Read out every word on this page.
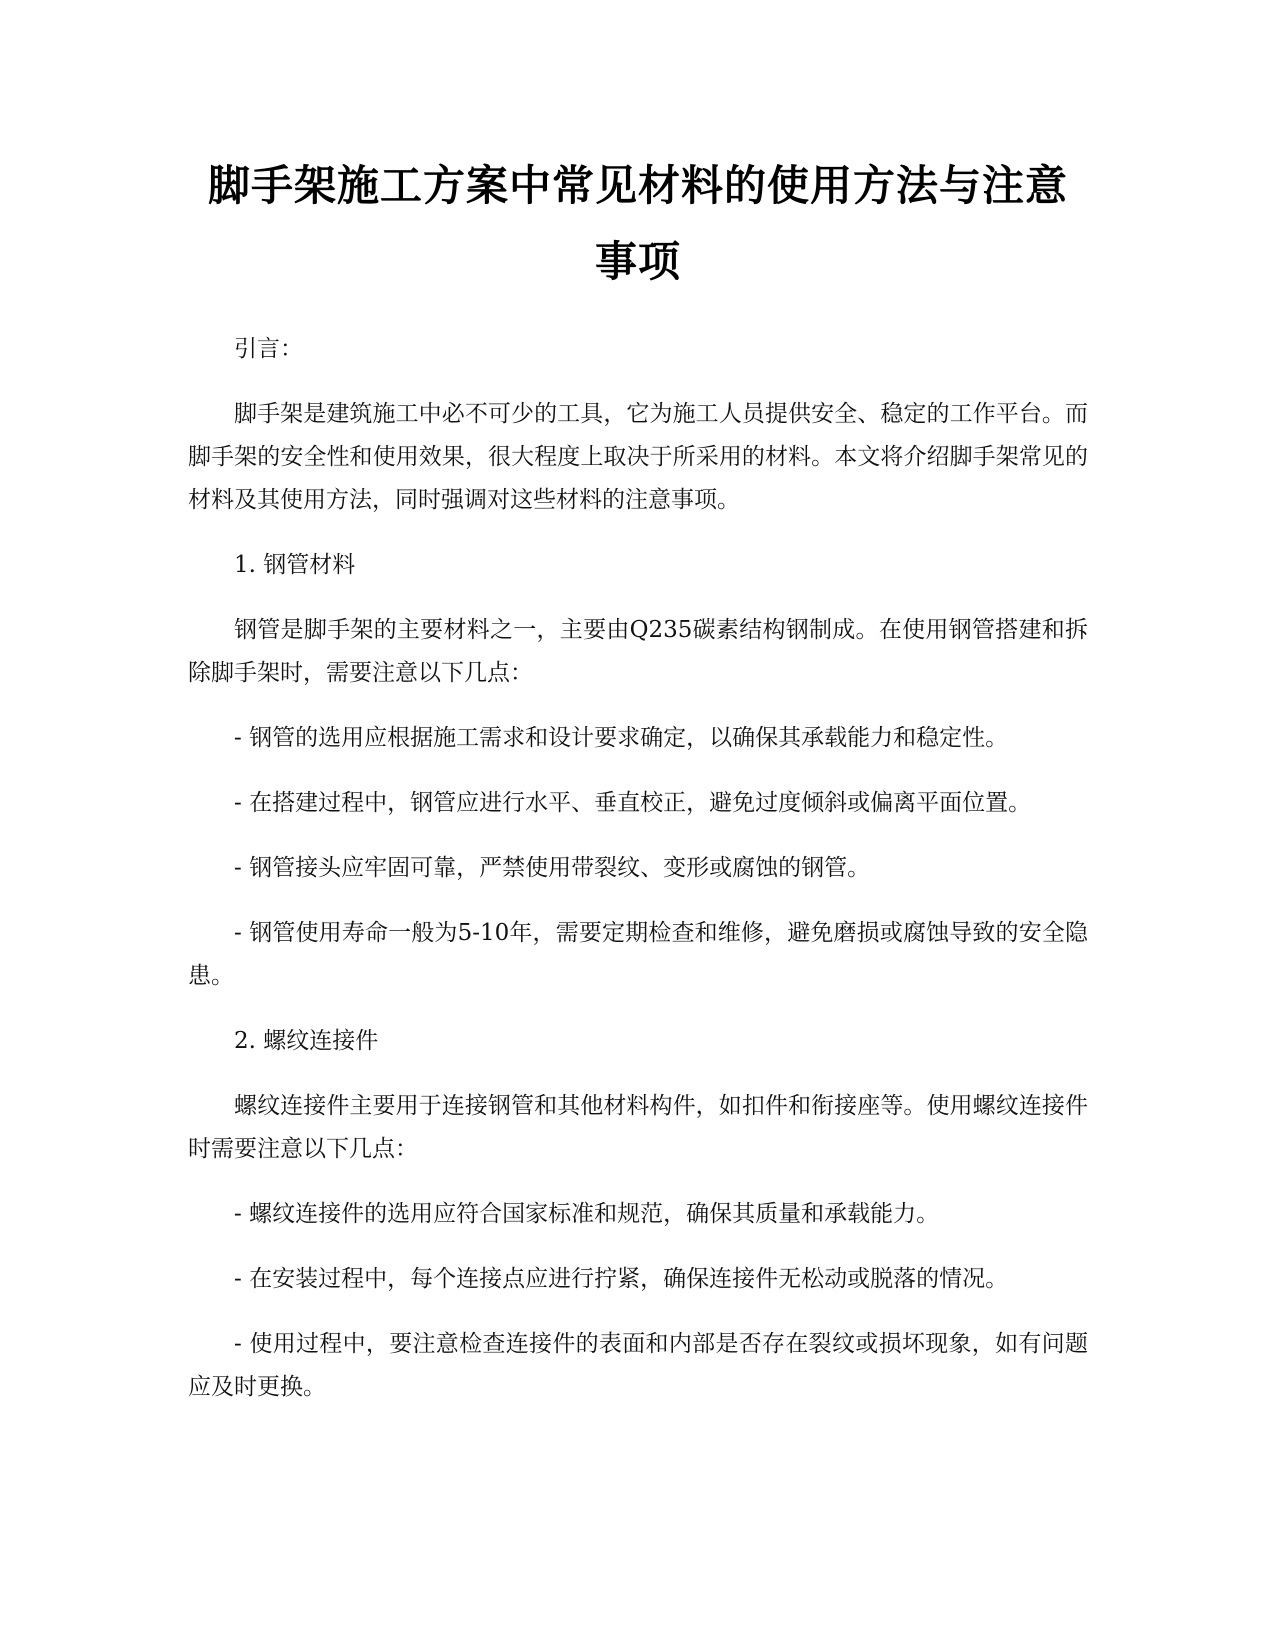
脚手架施工方案中常见材料的使用方法与注意事项

引言：

脚手架是建筑施工中必不可少的工具，它为施工人员提供安全、稳定的工作平台。而脚手架的安全性和使用效果，很大程度上取决于所采用的材料。本文将介绍脚手架常见的材料及其使用方法，同时强调对这些材料的注意事项。

1. 钢管材料

钢管是脚手架的主要材料之一，主要由Q235碳素结构钢制成。在使用钢管搭建和拆除脚手架时，需要注意以下几点：

- 钢管的选用应根据施工需求和设计要求确定，以确保其承载能力和稳定性。

- 在搭建过程中，钢管应进行水平、垂直校正，避免过度倾斜或偏离平面位置。

- 钢管接头应牢固可靠，严禁使用带裂纹、变形或腐蚀的钢管。

- 钢管使用寿命一般为5-10年，需要定期检查和维修，避免磨损或腐蚀导致的安全隐患。

2. 螺纹连接件

螺纹连接件主要用于连接钢管和其他材料构件，如扣件和衔接座等。使用螺纹连接件时需要注意以下几点：

- 螺纹连接件的选用应符合国家标准和规范，确保其质量和承载能力。

- 在安装过程中，每个连接点应进行拧紧，确保连接件无松动或脱落的情况。

- 使用过程中，要注意检查连接件的表面和内部是否存在裂纹或损坏现象，如有问题应及时更换。
